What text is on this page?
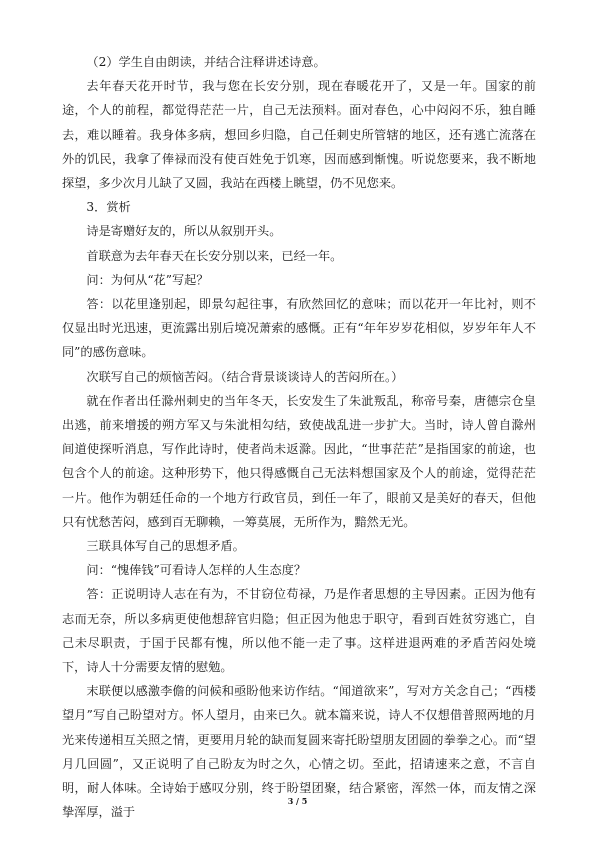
（2）学生自由朗读，并结合注释讲述诗意。

去年春天花开时节，我与您在长安分别，现在春暖花开了，又是一年。国家的前途，个人的前程，都觉得茫茫一片，自己无法预料。面对春色，心中闷闷不乐，独自睡去，难以睡着。我身体多病，想回乡归隐，自己任刺史所管辖的地区，还有逃亡流落在外的饥民，我拿了俸禄而没有使百姓免于饥寒，因而感到惭愧。听说您要来，我不断地探望，多少次月儿缺了又圆，我站在西楼上眺望，仍不见您来。

3．赏析

诗是寄赠好友的，所以从叙别开头。

首联意为去年春天在长安分别以来，已经一年。

问：为何从“花”写起？

答：以花里逢别起，即景勾起往事，有欣然回忆的意味；而以花开一年比衬，则不仅显出时光迅速，更流露出别后境况萧索的感慨。正有“年年岁岁花相似，岁岁年年人不同”的感伤意味。

次联写自己的烦恼苦闷。（结合背景谈谈诗人的苦闷所在。）

就在作者出任滁州刺史的当年冬天，长安发生了朱泚叛乱，称帝号秦，唐德宗仓皇出逃，前来增援的朔方军又与朱泚相勾结，致使战乱进一步扩大。当时，诗人曾自滁州间道使探听消息，写作此诗时，使者尚未返滁。因此，“世事茫茫”是指国家的前途，也包含个人的前途。这种形势下，他只得感慨自己无法料想国家及个人的前途，觉得茫茫一片。他作为朝廷任命的一个地方行政官员，到任一年了，眼前又是美好的春天，但他只有忧愁苦闷，感到百无聊赖，一筹莫展，无所作为，黯然无光。

三联具体写自己的思想矛盾。

问：“愧俸钱”可看诗人怎样的人生态度？

答：正说明诗人志在有为，不甘窃位苟禄，乃是作者思想的主导因素。正因为他有志而无奈，所以多病更使他想辞官归隐；但正因为他忠于职守，看到百姓贫穷逃亡，自己未尽职责，于国于民都有愧，所以他不能一走了事。这样进退两难的矛盾苦闷处境下，诗人十分需要友情的慰勉。

末联便以感激李儋的问候和亟盼他来访作结。“闻道欲来”，写对方关念自己；“西楼望月”写自己盼望对方。怀人望月，由来已久。就本篇来说，诗人不仅想借普照两地的月光来传递相互关照之情，更要用月轮的缺而复圆来寄托盼望朋友团圆的拳拳之心。而“望月几回圆”，又正说明了自己盼友为时之久，心情之切。至此，招请速来之意，不言自明，耐人体味。全诗始于感叹分别，终于盼望团聚，结合紧密，浑然一体，而友情之深挚浑厚，溢于

3 / 5
